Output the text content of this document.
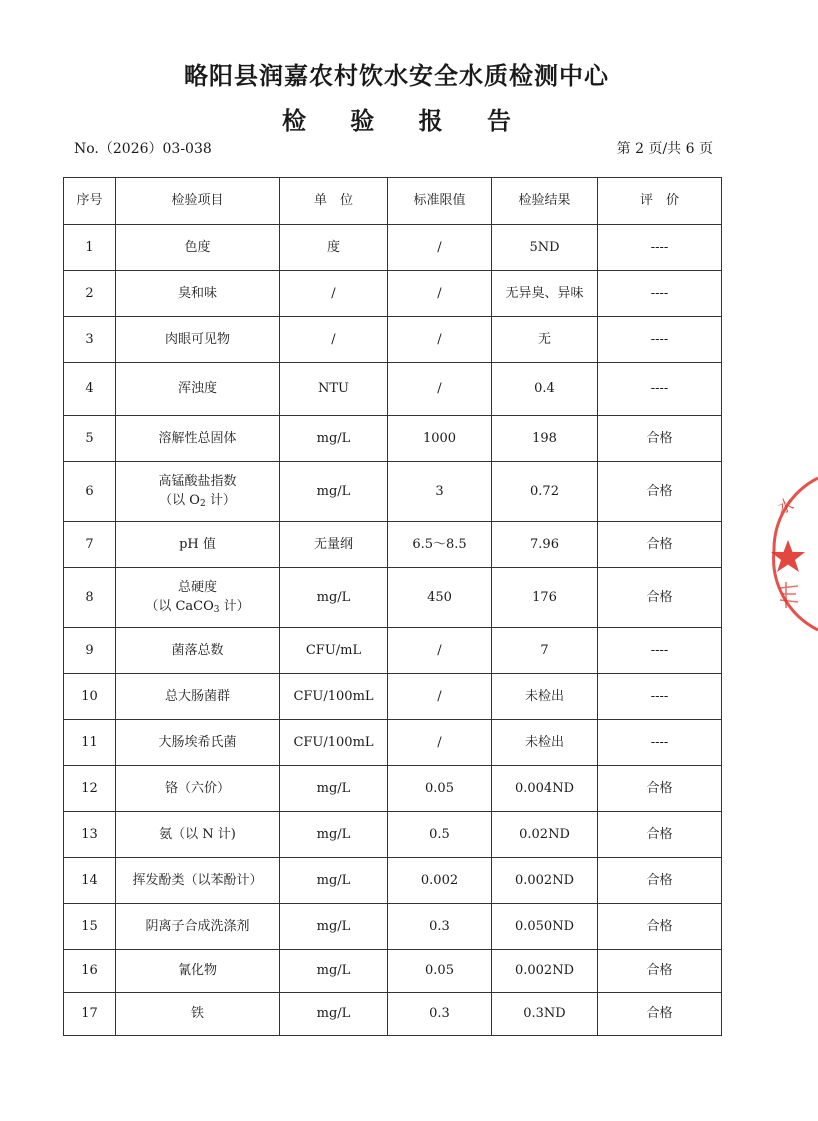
略阳县润嘉农村饮水安全水质检测中心
检 验 报 告
No.（2026）03-038	第 2 页/共 6 页
序号	检验项目	单　位	标准限值	检验结果	评　价
1	色度	度	/	5ND	----
2	臭和味	/	/	无异臭、异味	----
3	肉眼可见物	/	/	无	----
4	浑浊度	NTU	/	0.4	----
5	溶解性总固体	mg/L	1000	198	合格
6	高锰酸盐指数
（以 $O_2$ 计）	mg/L	3	0.72	合格
7	pH 值	无量纲	6.5～8.5	7.96	合格
8	总硬度
（以 CaCO$_3$ 计）	mg/L	450	176	合格
9	菌落总数	CFU/mL	/	7	----
10	总大肠菌群	CFU/100mL	/	未检出	----
11	大肠埃希氏菌	CFU/100mL	/	未检出	----
12	铬（六价）	mg/L	0.05	0.004ND	合格
13	氨（以 N 计)	mg/L	0.5	0.02ND	合格
14	挥发酚类（以苯酚计）	mg/L	0.002	0.002ND	合格
15	阴离子合成洗涤剂	mg/L	0.3	0.050ND	合格
16	氰化物	mg/L	0.05	0.002ND	合格
17	铁	mg/L	0.3	0.3ND	合格
水
